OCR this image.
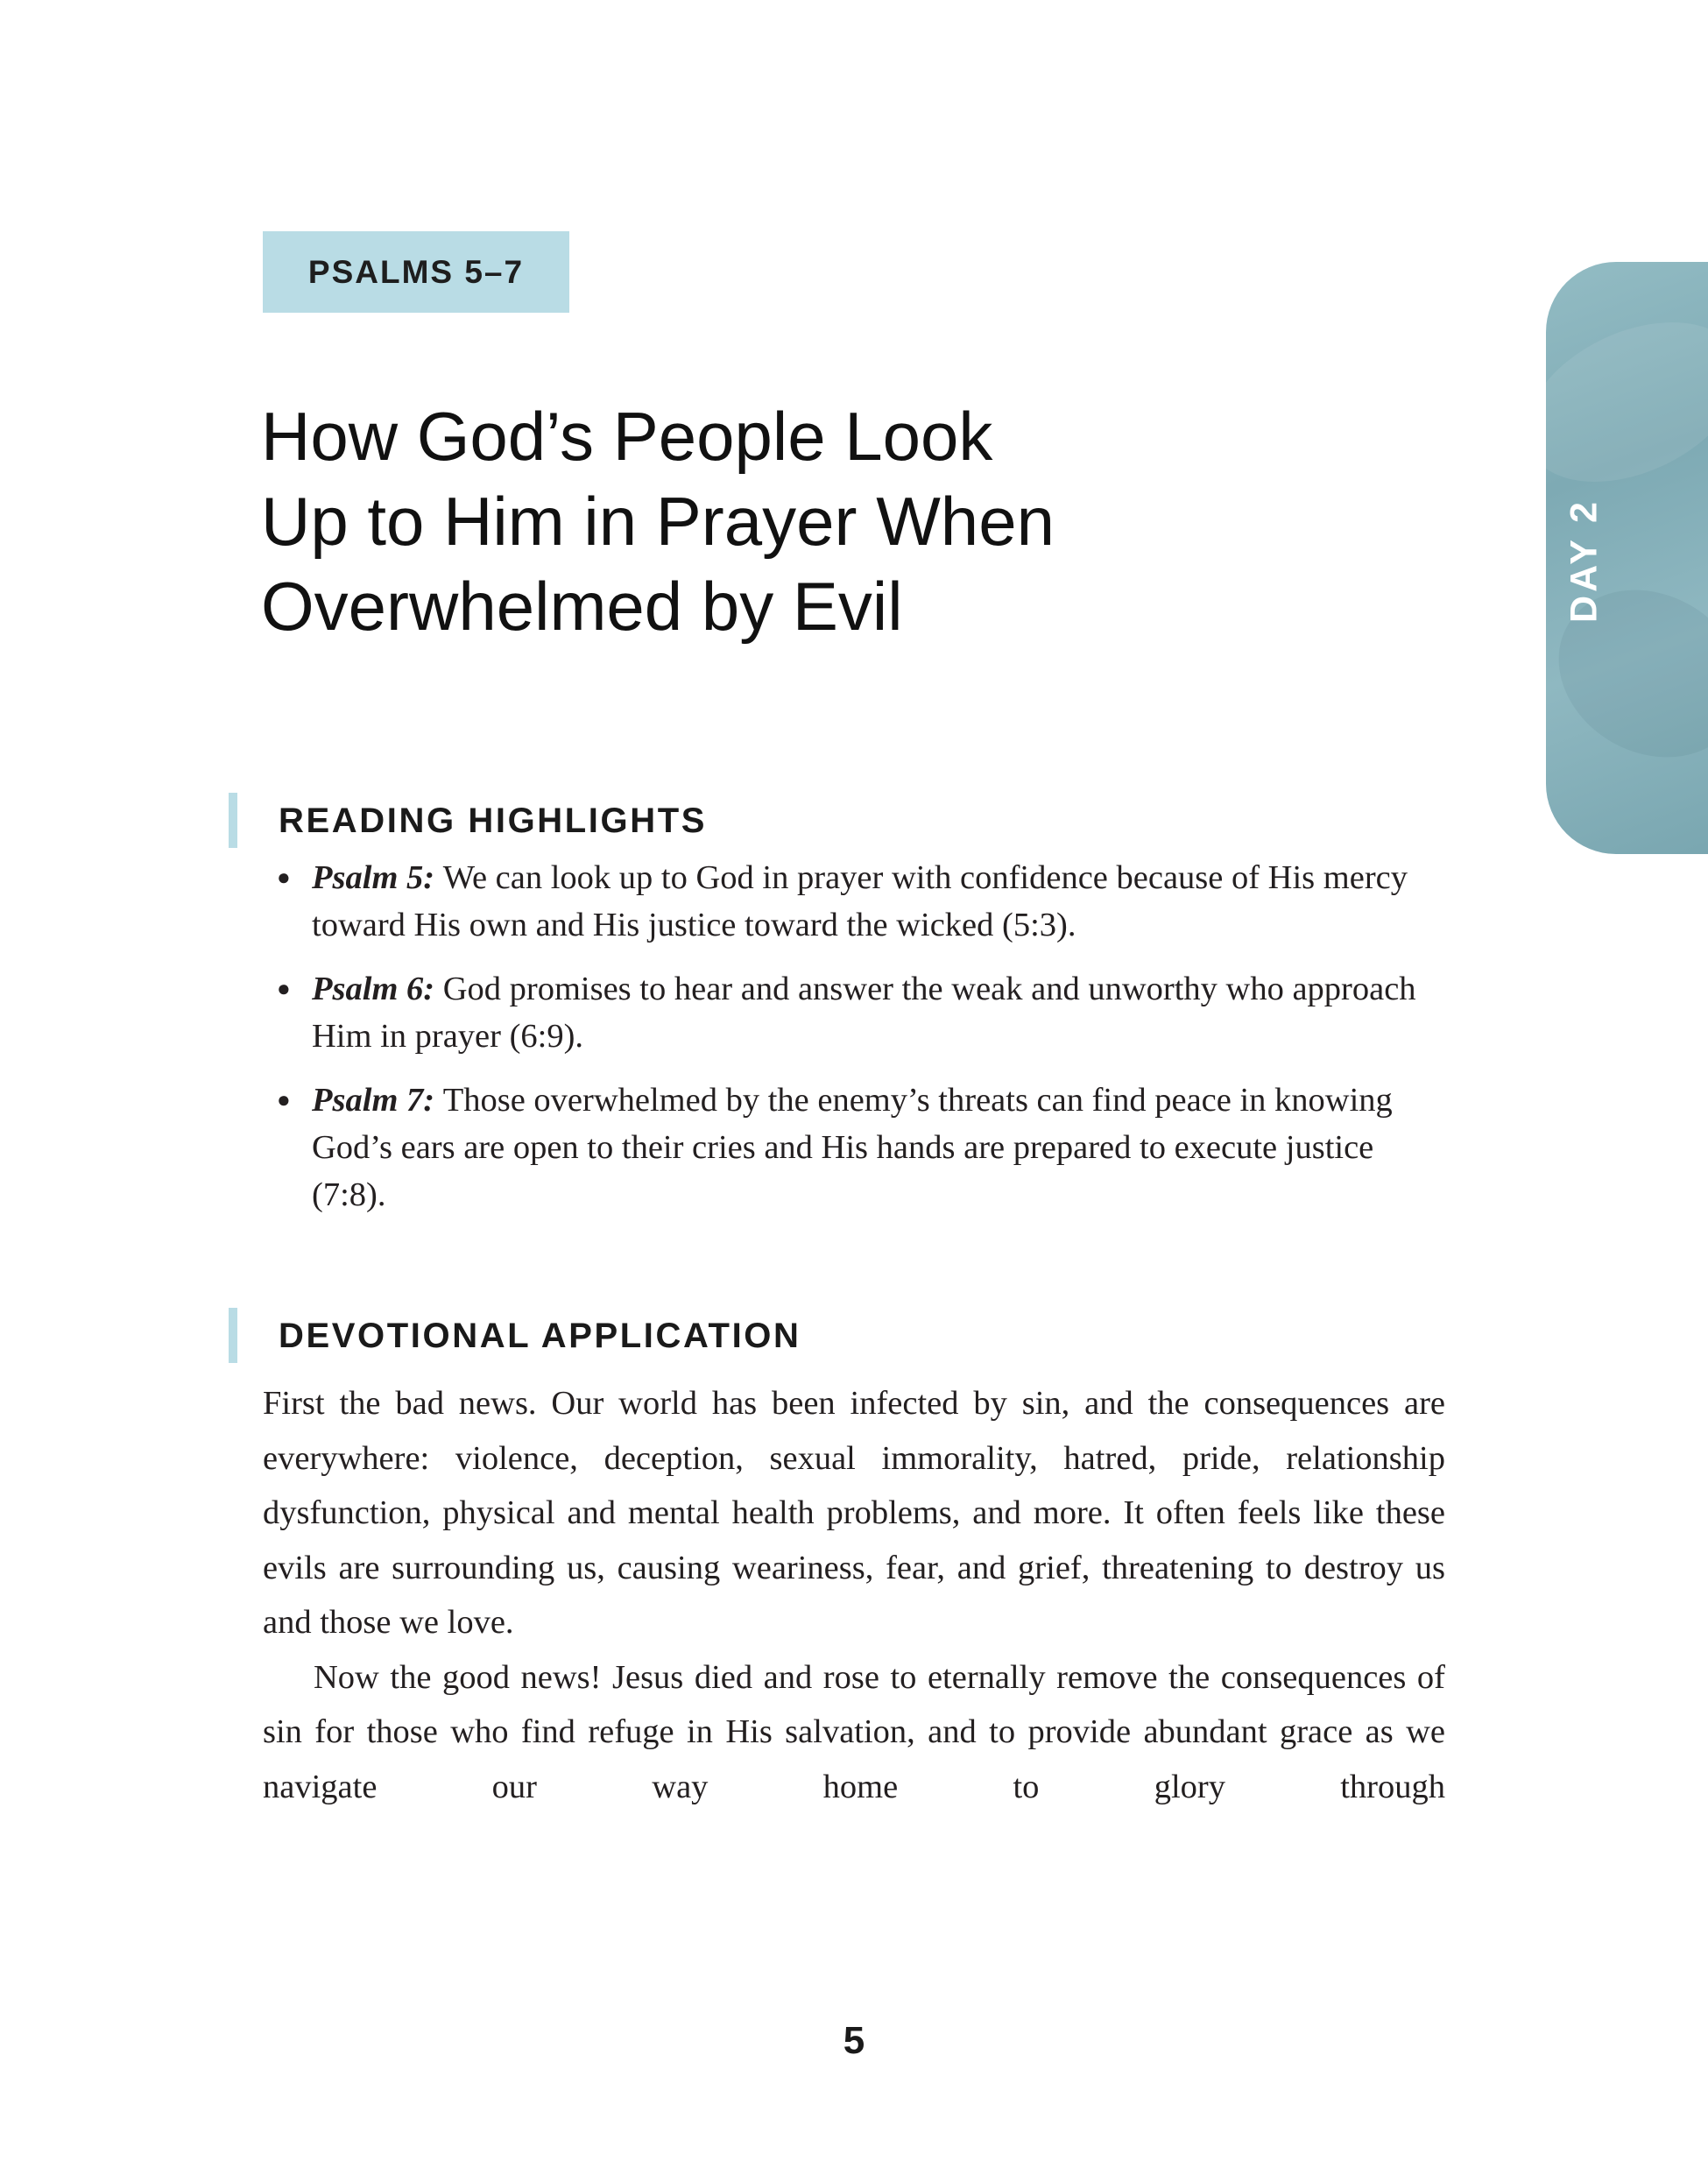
PSALMS 5–7
How God’s People Look
Up to Him in Prayer When
Overwhelmed by Evil	DAY 2
READING HIGHLIGHTS
● Psalm 5: We can look up to God in prayer with confidence because of His mercy toward His own and His justice toward the wicked (5:3).
● Psalm 6: God promises to hear and answer the weak and unworthy who approach Him in prayer (6:9).
● Psalm 7: Those overwhelmed by the enemy’s threats can find peace in knowing God’s ears are open to their cries and His hands are prepared to execute justice (7:8).
DEVOTIONAL APPLICATION

First the bad news. Our world has been infected by sin, and the consequences are everywhere: violence, deception, sexual immorality, hatred, pride, relationship dysfunction, physical and mental health problems, and more. It often feels like these evils are surrounding us, causing weariness, fear, and grief, threatening to destroy us and those we love.

Now the good news! Jesus died and rose to eternally remove the consequences of sin for those who find refuge in His salvation, and to provide abundant grace as we navigate our way home to glory through

5
